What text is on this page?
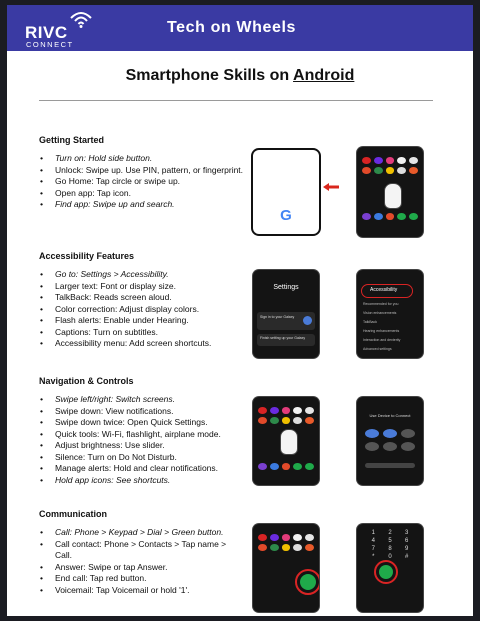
RIVC
CONNECT
Tech on Wheels
Smartphone Skills on Android
Getting Started
• Turn on: Hold side button.
• Unlock: Swipe up. Use PIN, pattern, or fingerprint.
• Go Home: Tap circle or swipe up.
• Open app: Tap icon.
• Find app: Swipe up and search.
Accessibility Features
• Go to: Settings > Accessibility.
• Larger text: Font or display size.
• TalkBack: Reads screen aloud.
• Color correction: Adjust display colors.
• Flash alerts: Enable under Hearing.
• Captions: Turn on subtitles.
• Accessibility menu: Add screen shortcuts.
Navigation & Controls
• Swipe left/right: Switch screens.
• Swipe down: View notifications.
• Swipe down twice: Open Quick Settings.
• Quick tools: Wi-Fi, flashlight, airplane mode.
• Adjust brightness: Use slider.
• Silence: Turn on Do Not Disturb.
• Manage alerts: Hold and clear notifications.
• Hold app icons: See shortcuts.
Communication
• Call: Phone > Keypad > Dial > Green button.
• Call contact: Phone > Contacts > Tap name > Call.
• Answer: Swipe or tap Answer.
• End call: Tap red button.
• Voicemail: Tap Voicemail or hold '1'.
G
Settings
Sign in to your Galaxy
Finish setting up your Galaxy
Accessibility
Recommended for you
Vision enhancements
TalkBack
Hearing enhancements
Interaction and dexterity
Advanced settings
Use Device to Connect
1	2	3
4	5	6
7	8	9
*	0	#
